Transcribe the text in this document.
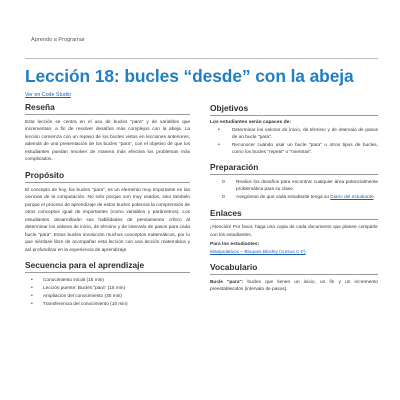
Aprendo a Programar
Lección 18: bucles “desde” con la abeja
Ver en Code Studio
Reseña

Esta lección se centra en el uso de bucles "para" y de variables que incrementan, a fin de resolver desafíos más complejos con la abeja. La lección comienza con un repaso de los bucles vistos en lecciones anteriores, además de una presentación de los bucles "para", con el objetivo de que los estudiantes puedan resolver de manera más efectiva los problemas más complicados.

Propósito

El concepto de hoy, los bucles "para", es un elemento muy importante en las ciencias de la computación. No sólo porque son muy usados, sino también porque el proceso de aprendizaje de estos bucles potencia la comprensión de otros conceptos igual de importantes (como variables y parámetros). Los estudiantes desarrollarán sus habilidades de pensamiento crítico al determinar los valores de inicio, de término y de intervalo de pasos para cada bucle "para". Estos bucles involucran muchos conceptos matemáticos, por lo que siéntase libre de acompañar esta lección con una lección matemática y así profundizar en la experiencia de aprendizaje.

Secuencia para el aprendizaje
• Conocimiento inicial (15 min)
• Lección puente: Bucles "para" (15 min)
• Ampliación del conocimiento (30 min)
• Transferencia del conocimiento (15 min)
Objetivos
Los estudiantes serán capaces de:
• Determinar los valores de inicio, de término y de intervalo de pasos de un bucle "para".
• Reconocer cuándo usar un bucle "para" u otros tipos de bucles, como los bucles "repetir" o "mientras".
Preparación
o Realice los desafíos para encontrar cualquier área potencialmente problemática para su clase.
o Asegúrese de que cada estudiante tenga su Diario del estudiante.
Enlaces

¡Atención! Por favor, haga una copia de cada documento que planee compartir con los estudiantes.

Para los estudiantes:

Manipulativos – Bloques Blockly (cursos C-F)

Vocabulario

Bucle "para": bucles que tienen un inicio, un fin y un incremento preestablecidos (intervalo de pasos).
